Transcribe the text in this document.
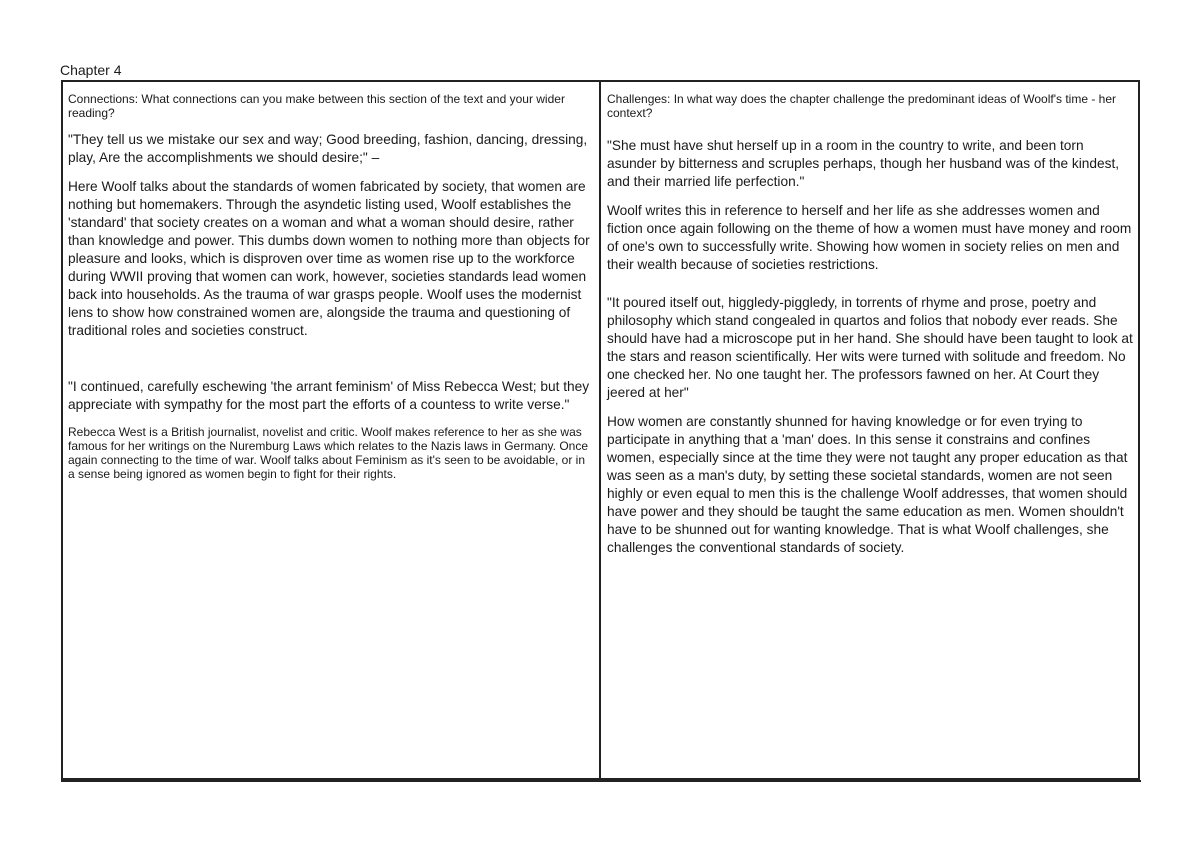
Chapter 4

Connections: What connections can you make between this section of the text and your wider reading?

"They tell us we mistake our sex and way; Good breeding, fashion, dancing, dressing, play, Are the accomplishments we should desire;" –

Here Woolf talks about the standards of women fabricated by society, that women are nothing but homemakers. Through the asyndetic listing used, Woolf establishes the 'standard' that society creates on a woman and what a woman should desire, rather than knowledge and power. This dumbs down women to nothing more than objects for pleasure and looks, which is disproven over time as women rise up to the workforce during WWII proving that women can work, however, societies standards lead women back into households. As the trauma of war grasps people. Woolf uses the modernist lens to show how constrained women are, alongside the trauma and questioning of traditional roles and societies construct.

"I continued, carefully eschewing 'the arrant feminism' of Miss Rebecca West; but they appreciate with sympathy for the most part the efforts of a countess to write verse."

Rebecca West is a British journalist, novelist and critic. Woolf makes reference to her as she was famous for her writings on the Nuremburg Laws which relates to the Nazis laws in Germany. Once again connecting to the time of war. Woolf talks about Feminism as it's seen to be avoidable, or in a sense being ignored as women begin to fight for their rights.

Challenges: In what way does the chapter challenge the predominant ideas of Woolf's time - her context?

"She must have shut herself up in a room in the country to write, and been torn asunder by bitterness and scruples perhaps, though her husband was of the kindest, and their married life perfection."

Woolf writes this in reference to herself and her life as she addresses women and fiction once again following on the theme of how a women must have money and room of one's own to successfully write. Showing how women in society relies on men and their wealth because of societies restrictions.

"It poured itself out, higgledy-piggledy, in torrents of rhyme and prose, poetry and philosophy which stand congealed in quartos and folios that nobody ever reads. She should have had a microscope put in her hand. She should have been taught to look at the stars and reason scientifically. Her wits were turned with solitude and freedom. No one checked her. No one taught her. The professors fawned on her. At Court they jeered at her"

How women are constantly shunned for having knowledge or for even trying to participate in anything that a 'man' does. In this sense it constrains and confines women, especially since at the time they were not taught any proper education as that was seen as a man's duty, by setting these societal standards, women are not seen highly or even equal to men this is the challenge Woolf addresses, that women should have power and they should be taught the same education as men. Women shouldn't have to be shunned out for wanting knowledge. That is what Woolf challenges, she challenges the conventional standards of society.
